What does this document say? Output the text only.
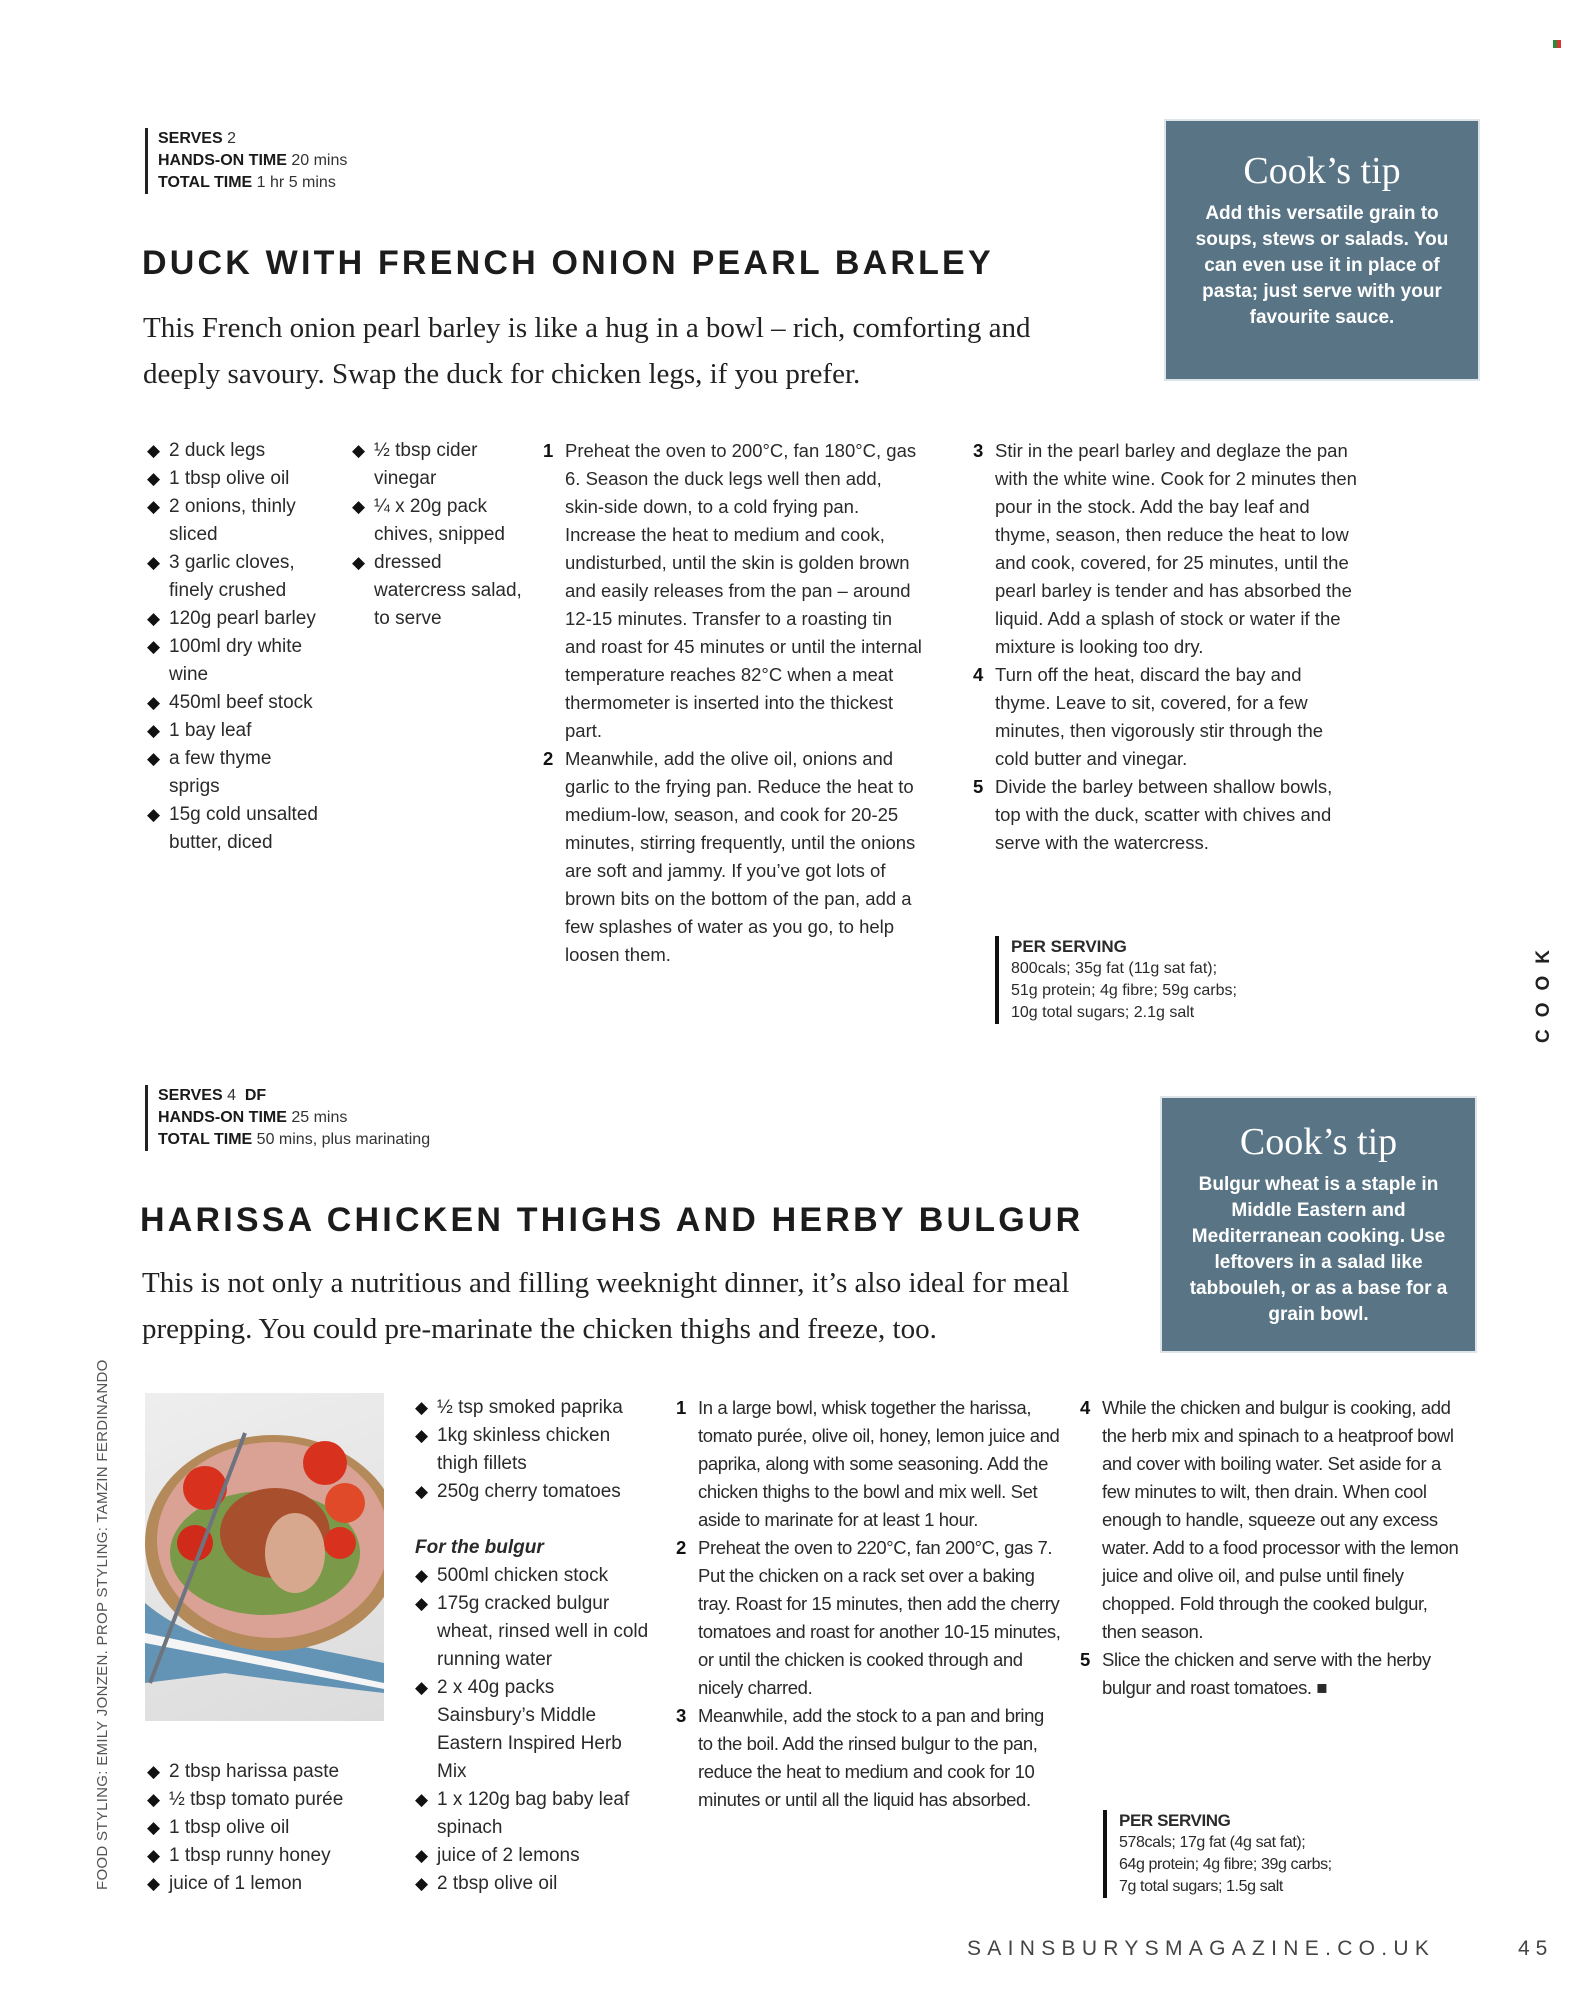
SERVES 2
HANDS-ON TIME 20 mins
TOTAL TIME 1 hr 5 mins
DUCK WITH FRENCH ONION PEARL BARLEY
This French onion pearl barley is like a hug in a bowl – rich, comforting and deeply savoury. Swap the duck for chicken legs, if you prefer.
Cook’s tip

Add this versatile grain to soups, stews or salads. You can even use it in place of pasta; just serve with your favourite sauce.

◆ 2 duck legs
◆ 1 tbsp olive oil
◆ 2 onions, thinly sliced
◆ 3 garlic cloves, finely crushed
◆ 120g pearl barley
◆ 100ml dry white wine
◆ 450ml beef stock
◆ 1 bay leaf
◆ a few thyme sprigs
◆ 15g cold unsalted butter, diced
◆ ½ tbsp cider vinegar
◆ ¼ x 20g pack chives, snipped
◆ dressed watercress salad, to serve
1 Preheat the oven to 200°C, fan 180°C, gas 6. Season the duck legs well then add, skin-side down, to a cold frying pan. Increase the heat to medium and cook, undisturbed, until the skin is golden brown and easily releases from the pan – around 12-15 minutes. Transfer to a roasting tin and roast for 45 minutes or until the internal temperature reaches 82°C when a meat thermometer is inserted into the thickest part.
2 Meanwhile, add the olive oil, onions and garlic to the frying pan. Reduce the heat to medium-low, season, and cook for 20-25 minutes, stirring frequently, until the onions are soft and jammy. If you’ve got lots of brown bits on the bottom of the pan, add a few splashes of water as you go, to help loosen them.
3 Stir in the pearl barley and deglaze the pan with the white wine. Cook for 2 minutes then pour in the stock. Add the bay leaf and thyme, season, then reduce the heat to low and cook, covered, for 25 minutes, until the pearl barley is tender and has absorbed the liquid. Add a splash of stock or water if the mixture is looking too dry.
4 Turn off the heat, discard the bay and thyme. Leave to sit, covered, for a few minutes, then vigorously stir through the cold butter and vinegar.
5 Divide the barley between shallow bowls, top with the duck, scatter with chives and serve with the watercress.
PER SERVING
800cals; 35g fat (11g sat fat);
51g protein; 4g fibre; 59g carbs;
10g total sugars; 2.1g salt	COOK
SERVES 4 DF
HANDS-ON TIME 25 mins
TOTAL TIME 50 mins, plus marinating
HARISSA CHICKEN THIGHS AND HERBY BULGUR
This is not only a nutritious and filling weeknight dinner, it’s also ideal for meal prepping. You could pre-marinate the chicken thighs and freeze, too.
Cook’s tip

Bulgur wheat is a staple in Middle Eastern and Mediterranean cooking. Use leftovers in a salad like tabbouleh, or as a base for a grain bowl.

◆ 2 tbsp harissa paste
◆ ½ tbsp tomato purée
◆ 1 tbsp olive oil
◆ 1 tbsp runny honey
◆ juice of 1 lemon
◆ ½ tsp smoked paprika
◆ 1kg skinless chicken thigh fillets
◆ 250g cherry tomatoes
For the bulgur
◆ 500ml chicken stock
◆ 175g cracked bulgur wheat, rinsed well in cold running water
◆ 2 x 40g packs Sainsbury’s Middle Eastern Inspired Herb Mix
◆ 1 x 120g bag baby leaf spinach
◆ juice of 2 lemons
◆ 2 tbsp olive oil
1 In a large bowl, whisk together the harissa, tomato purée, olive oil, honey, lemon juice and paprika, along with some seasoning. Add the chicken thighs to the bowl and mix well. Set aside to marinate for at least 1 hour.
2 Preheat the oven to 220°C, fan 200°C, gas 7. Put the chicken on a rack set over a baking tray. Roast for 15 minutes, then add the cherry tomatoes and roast for another 10-15 minutes, or until the chicken is cooked through and nicely charred.
3 Meanwhile, add the stock to a pan and bring to the boil. Add the rinsed bulgur to the pan, reduce the heat to medium and cook for 10 minutes or until all the liquid has absorbed.
4 While the chicken and bulgur is cooking, add the herb mix and spinach to a heatproof bowl and cover with boiling water. Set aside for a few minutes to wilt, then drain. When cool enough to handle, squeeze out any excess water. Add to a food processor with the lemon juice and olive oil, and pulse until finely chopped. Fold through the cooked bulgur, then season.
5 Slice the chicken and serve with the herby bulgur and roast tomatoes. ■
PER SERVING
578cals; 17g fat (4g sat fat);
64g protein; 4g fibre; 39g carbs;
7g total sugars; 1.5g salt
FOOD STYLING: EMILY JONZEN. PROP STYLING: TAMZIN FERDINANDO
SAINSBURYSMAGAZINE.CO.UK	45
